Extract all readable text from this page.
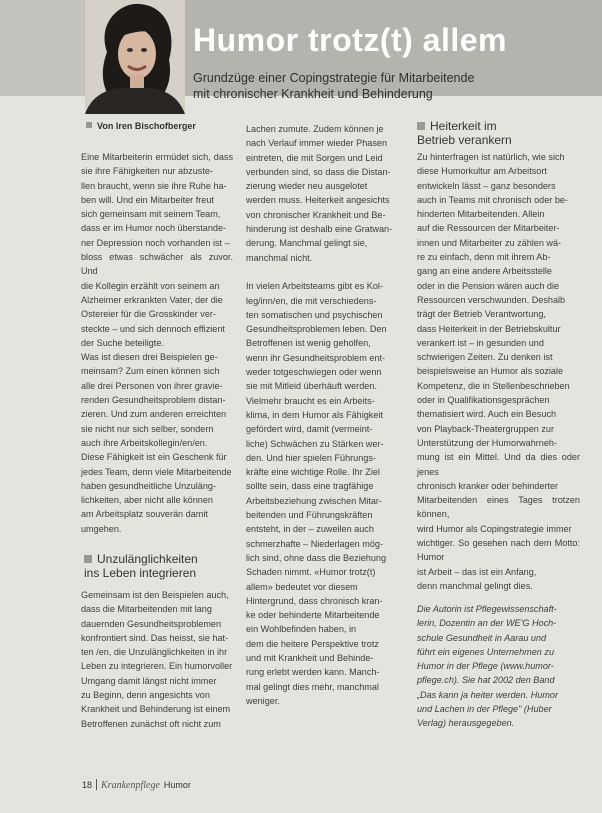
Humor trotz(t) allem
Grundzüge einer Copingstrategie für Mitarbeitende
mit chronischer Krankheit und Behinderung
Von Iren Bischofberger

Eine Mitarbeiterin ermüdet sich, dass sie ihre Fähigkeiten nur abzuste-

llen braucht, wenn sie ihre Ruhe ha-

ben will. Und ein Mitarbeiter freut

sich gemeinsam mit seinem Team,

dass er im Humor noch überstande-

ner Depression noch vorhanden ist –

bloss etwas schwächer als zuvor. Und

die Kollegin erzählt von seinem an

Alzheimer erkrankten Vater, der die

Ostereier für die Grosskinder ver-

steckte – und sich dennoch effizient

der Suche beteiligte.

Was ist diesen drei Beispielen ge-

meinsam? Zum einen können sich

alle drei Personen von ihrer gravie-

renden Gesundheitsproblem distan-

zieren. Und zum anderen erreichten

sie nicht nur sich selber, sondern

auch ihre Arbeitskollegin/en/en.

Diese Fähigkeit ist ein Geschenk für

jedes Team, denn viele Mitarbeitende

haben gesundheitliche Unzuläng-

lichkeiten, aber nicht alle können

am Arbeitsplatz souverän damit

umgehen.

Unzulänglichkeiten
ins Leben integrieren

Gemeinsam ist den Beispielen auch,

dass die Mitarbeitenden mit lang

dauernden Gesundheitsproblemen

konfrontiert sind. Das heisst, sie hat-

ten /en, die Unzulänglichkeiten in ihr

Leben zu integrieren. Ein humorvoller

Umgang damit längst nicht immer

zu Beginn, denn angesichts von

Krankheit und Behinderung ist einem

Betroffenen zunächst oft nicht zum

Lachen zumute. Zudem können je

nach Verlauf immer wieder Phasen

eintreten, die mit Sorgen und Leid

verbunden sind, so dass die Distan-

zierung wieder neu ausgelotet

werden muss. Heiterkeit angesichts

von chronischer Krankheit und Be-

hinderung ist deshalb eine Gratwan-

derung. Manchmal gelingt sie,

manchmal nicht.

In vielen Arbeitsteams gibt es Kol-

leg/inn/en, die mit verschiedens-

ten somatischen und psychischen

Gesundheitsproblemen leben. Den

Betroffenen ist wenig geholfen,

wenn ihr Gesundheitsproblem ent-

weder totgeschwiegen oder wenn

sie mit Mitleid überhäuft werden.

Vielmehr braucht es ein Arbeits-

klima, in dem Humor als Fähigkeit

gefördert wird, damit (vermeint-

liche) Schwächen zu Stärken wer-

den. Und hier spielen Führungs-

kräfte eine wichtige Rolle. Ihr Ziel

sollte sein, dass eine tragfähige

Arbeitsbeziehung zwischen Mitar-

beitenden und Führungskräften

entsteht, in der – zuweilen auch

schmerzhafte – Niederlagen mög-

lich sind, ohne dass die Beziehung

Schaden nimmt. «Humor trotz(t)

allem» bedeutet vor diesem

Hintergrund, dass chronisch kran-

ke oder behinderte Mitarbeitende

ein Wohlbefinden haben, in

dem die heitere Perspektive trotz

und mit Krankheit und Behinde-

rung erlebt werden kann. Manch-

mal gelingt dies mehr, manchmal

weniger.

Heiterkeit im
Betrieb verankern

Zu hinterfragen ist natürlich, wie sich

diese Humorkultur am Arbeitsort

entwickeln lässt – ganz besonders

auch in Teams mit chronisch oder be-

hinderten Mitarbeitenden. Allein

auf die Ressourcen der Mitarbeiter-

innen und Mitarbeiter zu zählen wä-

re zu einfach, denn mit ihrem Ab-

gang an eine andere Arbeitsstelle

oder in die Pension wären auch die

Ressourcen verschwunden. Deshalb

trägt der Betrieb Verantwortung,

dass Heiterkeit in der Betriebskultur

verankert ist – in gesunden und

schwierigen Zeiten. Zu denken ist

beispielsweise an Humor als soziale

Kompetenz, die in Stellenbeschrieben

oder in Qualifikationsgesprächen

thematisiert wird. Auch ein Besuch

von Playback-Theatergruppen zur

Unterstützung der Humorwahrneh-

mung ist ein Mittel. Und da dies oder jenes

chronisch kranker oder behinderter

Mitarbeitenden eines Tages trotzen können,

wird Humor als Copingstrategie immer

wichtiger. So gesehen nach dem Motto: Humor

ist Arbeit – das ist ein Anfang,

denn manchmal gelingt dies.

Die Autorin ist Pflegewissenschaft-

lerin, Dozentin an der WE'G Hoch-

schule Gesundheit in Aarau und

führt ein eigenes Unternehmen zu

Humor in der Pflege (www.humor-

pflege.ch). Sie hat 2002 den Band

„Das kann ja heiter werden. Humor

und Lachen in der Pflege" (Huber

Verlag) herausgegeben.

18 Krankenpflege Humor
